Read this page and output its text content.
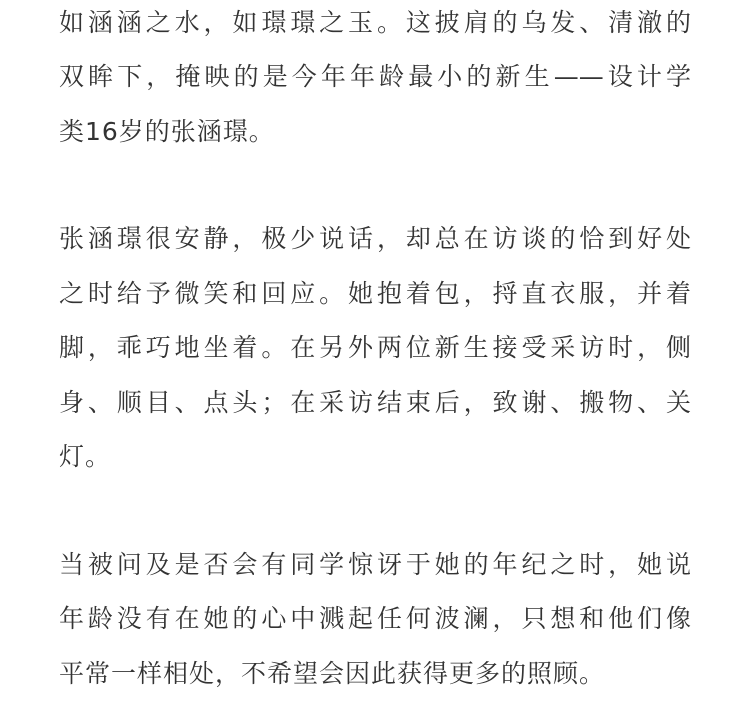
如涵涵之水，如璟璟之玉。这披肩的乌发、清澈的

双眸下，掩映的是今年年龄最小的新生——设计学

类16岁的张涵璟。

张涵璟很安静，极少说话，却总在访谈的恰到好处

之时给予微笑和回应。她抱着包，捋直衣服，并着

脚，乖巧地坐着。在另外两位新生接受采访时，侧

身、顺目、点头；在采访结束后，致谢、搬物、关

灯。

当被问及是否会有同学惊讶于她的年纪之时，她说

年龄没有在她的心中溅起任何波澜，只想和他们像

平常一样相处，不希望会因此获得更多的照顾。
